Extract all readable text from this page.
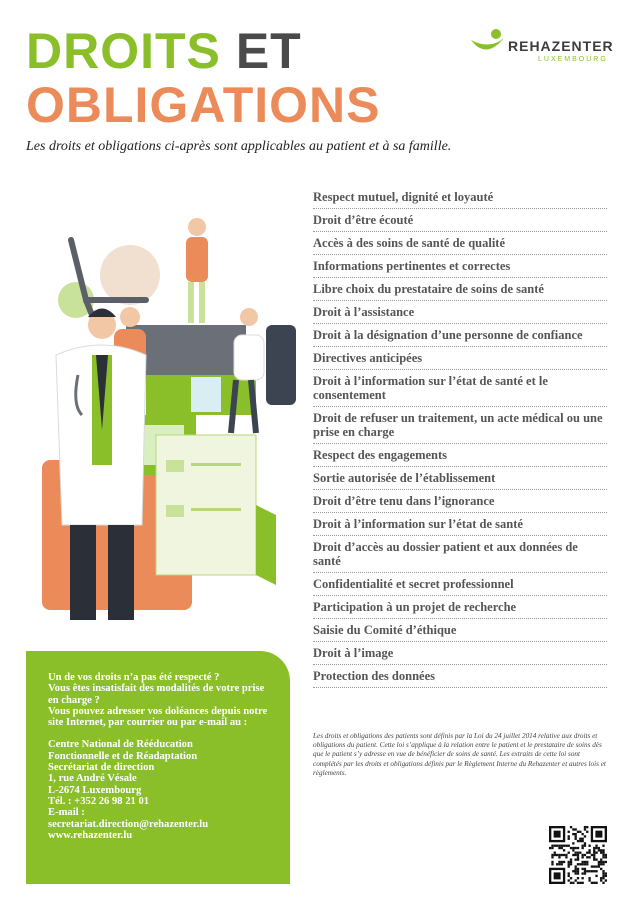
DROITS ET
OBLIGATIONS
REHAZENTER
LUXEMBOURG
Les droits et obligations ci-après sont applicables au patient et à sa famille.
Respect mutuel, dignité et loyauté
Droit d’être écouté
Accès à des soins de santé de qualité
Informations pertinentes et correctes
Libre choix du prestataire de soins de santé
Droit à l’assistance
Droit à la désignation d’une personne de confiance
Directives anticipées
Droit à l’information sur l’état de santé et le consentement
Droit de refuser un traitement, un acte médical ou une prise en charge
Respect des engagements
Sortie autorisée de l’établissement
Droit d’être tenu dans l’ignorance
Droit à l’information sur l’état de santé
Droit d’accès au dossier patient et aux données de santé
Confidentialité et secret professionnel
Participation à un projet de recherche
Saisie du Comité d’éthique
Droit à l’image
Protection des données
Les droits et obligations des patients sont définis par la Loi du 24 juillet 2014 relative aux droits et obligations du patient. Cette loi s’applique à la relation entre le patient et le prestataire de soins dès que le patient s’y adresse en vue de bénéficier de soins de santé. Les extraits de cette loi sont complétés par les droits et obligations définis par le Règlement Interne du Rehazenter et autres lois et règlements.

Un de vos droits n’a pas été respecté ?

Vous êtes insatisfait des modalités de votre prise en charge ?

Vous pouvez adresser vos doléances depuis notre site Internet, par courrier ou par e-mail au :

Centre National de Rééducation

Fonctionnelle et de Réadaptation

Secrétariat de direction

1, rue André Vésale

L-2674 Luxembourg

Tél. : +352 26 98 21 01

E-mail :

secretariat.direction@rehazenter.lu

www.rehazenter.lu
